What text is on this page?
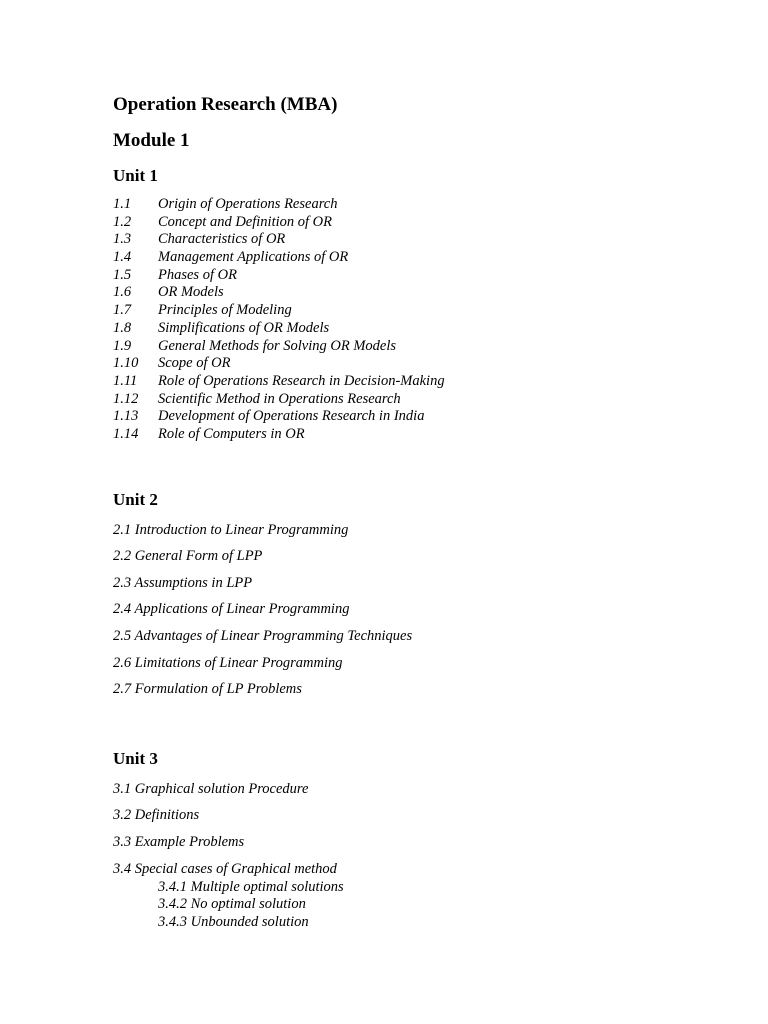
Operation Research (MBA)
Module 1
Unit 1
1.1 Origin of Operations Research
1.2 Concept and Definition of OR
1.3 Characteristics of OR
1.4 Management Applications of OR
1.5 Phases of OR
1.6 OR Models
1.7 Principles of Modeling
1.8 Simplifications of OR Models
1.9 General Methods for Solving OR Models
1.10 Scope of OR
1.11 Role of Operations Research in Decision-Making
1.12 Scientific Method in Operations Research
1.13 Development of Operations Research in India
1.14 Role of Computers in OR
Unit 2
2.1 Introduction to Linear Programming
2.2 General Form of LPP
2.3 Assumptions in LPP
2.4 Applications of Linear Programming
2.5 Advantages of Linear Programming Techniques
2.6 Limitations of Linear Programming
2.7 Formulation of LP Problems
Unit 3
3.1 Graphical solution Procedure
3.2 Definitions
3.3 Example Problems
3.4 Special cases of Graphical method
3.4.1 Multiple optimal solutions
3.4.2 No optimal solution
3.4.3 Unbounded solution
